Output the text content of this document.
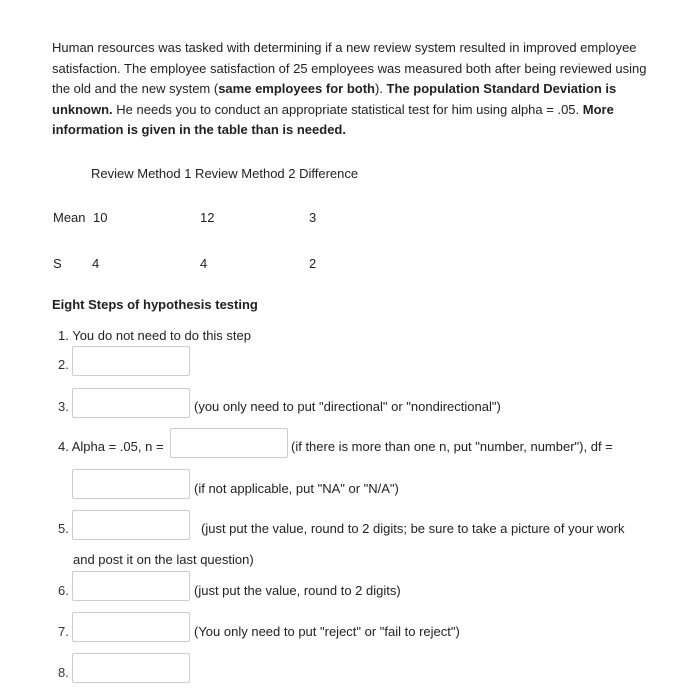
Human resources was tasked with determining if a new review system resulted in improved employee satisfaction. The employee satisfaction of 25 employees was measured both after being reviewed using the old and the new system (same employees for both). The population Standard Deviation is unknown. He needs you to conduct an appropriate statistical test for him using alpha = .05. More information is given in the table than is needed.
Review Method 1 Review Method 2 Difference
Mean 10	12	3
S 4	4	2
Eight Steps of hypothesis testing
1. You do not need to do this step
2.
3.	(you only need to put "directional" or "nondirectional")
4. Alpha = .05, n =	(if there is more than one n, put "number, number"), df =
(if not applicable, put "NA" or "N/A")
5.	(just put the value, round to 2 digits; be sure to take a picture of your work
and post it on the last question)
6.	(just put the value, round to 2 digits)
7.	(You only need to put "reject" or "fail to reject")
8.
